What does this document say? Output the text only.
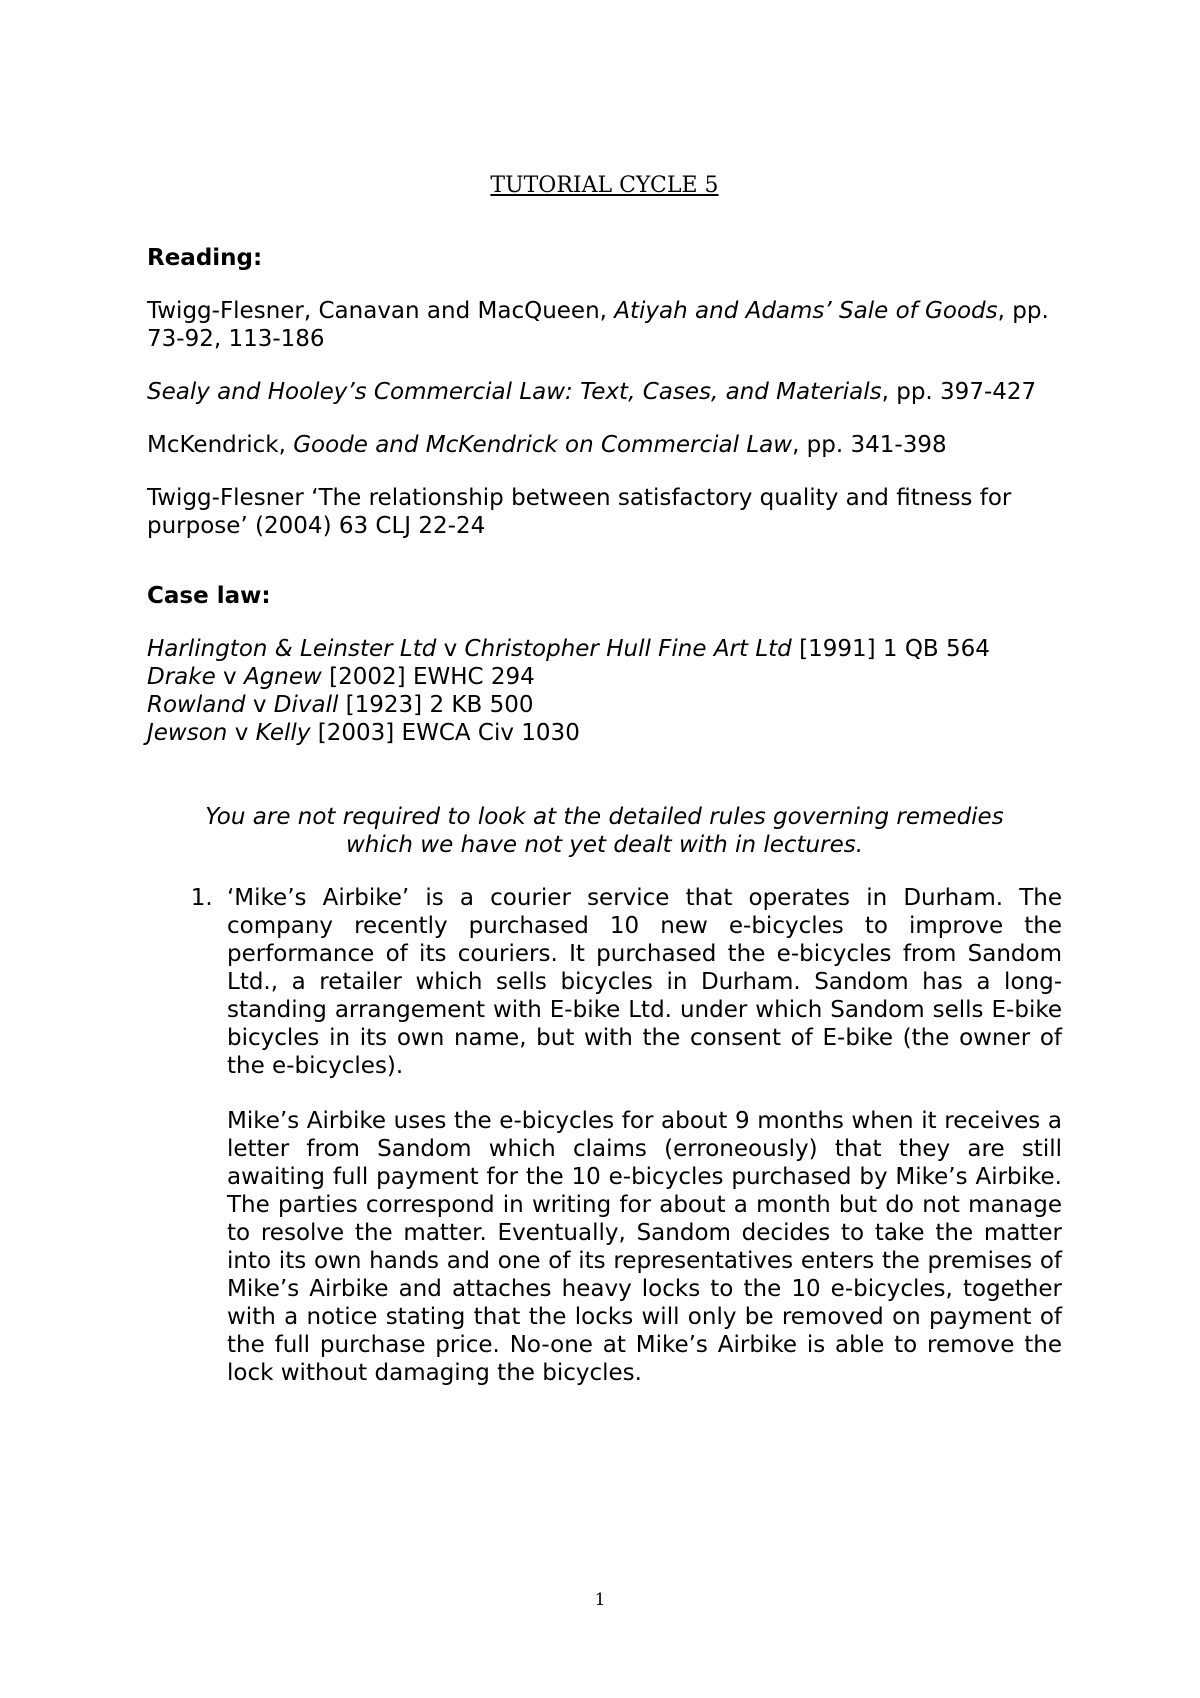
TUTORIAL CYCLE 5

Reading:

Twigg-Flesner, Canavan and MacQueen, Atiyah and Adams’ Sale of Goods, pp. 73-92, 113-186

Sealy and Hooley’s Commercial Law: Text, Cases, and Materials, pp. 397-427

McKendrick, Goode and McKendrick on Commercial Law, pp. 341-398

Twigg-Flesner ‘The relationship between satisfactory quality and fitness for purpose’ (2004) 63 CLJ 22-24

Case law:

Harlington & Leinster Ltd v Christopher Hull Fine Art Ltd [1991] 1 QB 564

Drake v Agnew [2002] EWHC 294

Rowland v Divall [1923] 2 KB 500

Jewson v Kelly [2003] EWCA Civ 1030

You are not required to look at the detailed rules governing remedies which we have not yet dealt with in lectures.

1. ‘Mike’s Airbike’ is a courier service that operates in Durham. The company recently purchased 10 new e-bicycles to improve the performance of its couriers. It purchased the e-bicycles from Sandom Ltd., a retailer which sells bicycles in Durham. Sandom has a long- standing arrangement with E-bike Ltd. under which Sandom sells E-bike bicycles in its own name, but with the consent of E-bike (the owner of the e-bicycles).

Mike’s Airbike uses the e-bicycles for about 9 months when it receives a letter from Sandom which claims (erroneously) that they are still awaiting full payment for the 10 e-bicycles purchased by Mike’s Airbike. The parties correspond in writing for about a month but do not manage to resolve the matter. Eventually, Sandom decides to take the matter into its own hands and one of its representatives enters the premises of Mike’s Airbike and attaches heavy locks to the 10 e-bicycles, together with a notice stating that the locks will only be removed on payment of the full purchase price. No-one at Mike’s Airbike is able to remove the lock without damaging the bicycles.

1
